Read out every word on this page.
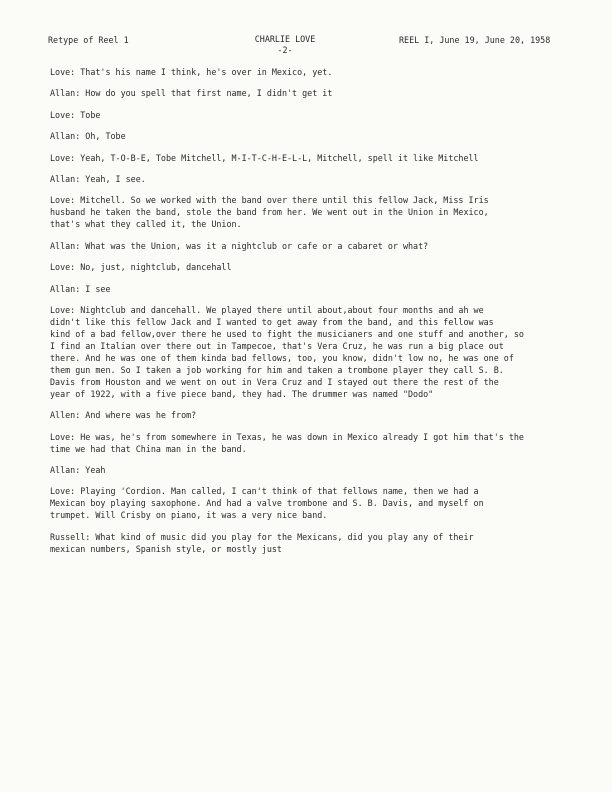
Retype of Reel 1	CHARLIE LOVE
-2-
REEL I, June 19, June 20, 1958
Love: That's his name I think, he's over in Mexico, yet.
Allan: How do you spell that first name, I didn't get it
Love: Tobe
Allan: Oh, Tobe
Love: Yeah, T-O-B-E, Tobe Mitchell, M-I-T-C-H-E-L-L, Mitchell, spell it like Mitchell
Allan: Yeah, I see.
Love: Mitchell. So we worked with the band over there until this fellow Jack, Miss Iris
husband he taken the band, stole the band from her. We went out in the Union in Mexico,
that's what they called it, the Union.
Allan: What was the Union, was it a nightclub or cafe or a cabaret or what?
Love: No, just, nightclub, dancehall
Allan: I see
Love: Nightclub and dancehall. We played there until about,about four months and ah we
didn't like this fellow Jack and I wanted to get away from the band, and this fellow was
kind of a bad fellow,over there he used to fight the musicianers and one stuff and another, so
I find an Italian over there out in Tampecoe, that's Vera Cruz, he was run a big place out
there. And he was one of them kinda bad fellows, too, you know, didn't low no, he was one of
them gun men. So I taken a job working for him and taken a trombone player they call S. B.
Davis from Houston and we went on out in Vera Cruz and I stayed out there the rest of the
year of 1922, with a five piece band, they had. The drummer was named "Dodo"
Allen: And where was he from?
Love: He was, he's from somewhere in Texas, he was down in Mexico already I got him that's the
time we had that China man in the band.
Allan: Yeah
Love: Playing 'Cordion. Man called, I can't think of that fellows name, then we had a
Mexican boy playing saxophone. And had a valve trombone and S. B. Davis, and myself on
trumpet. Will Crisby on piano, it was a very nice band.
Russell: What kind of music did you play for the Mexicans, did you play any of their
mexican numbers, Spanish style, or mostly just
